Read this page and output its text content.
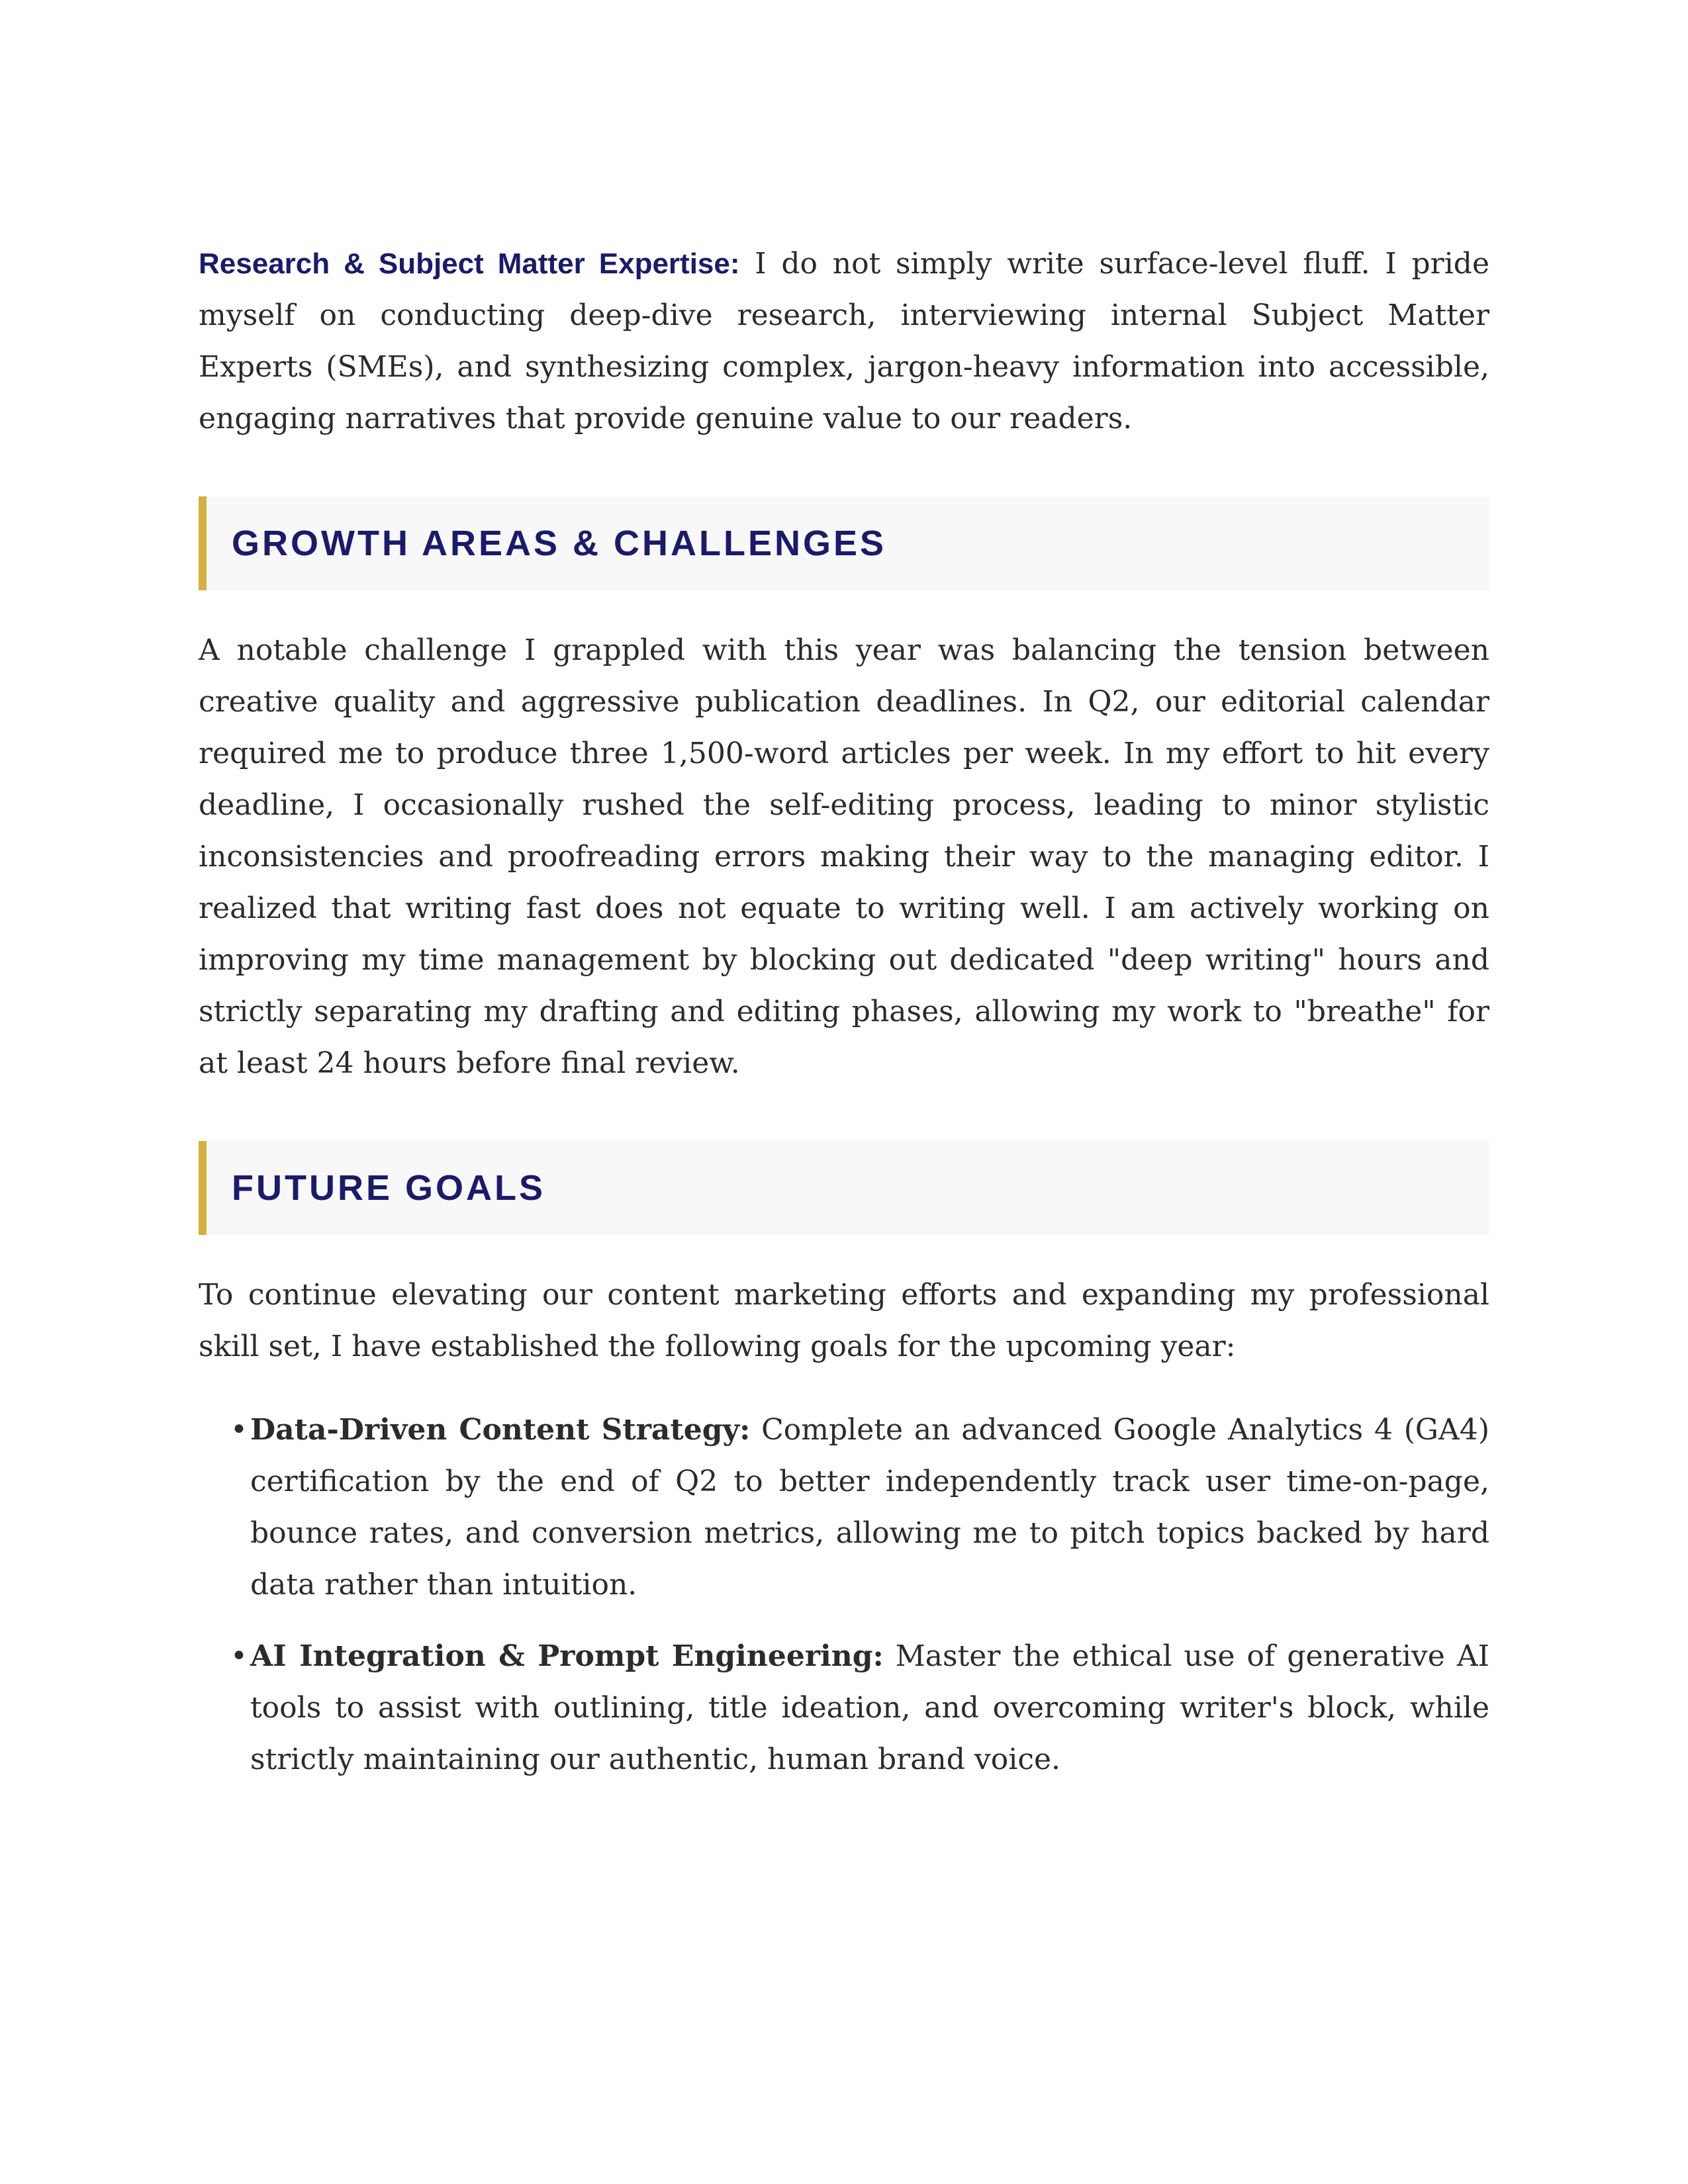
Research & Subject Matter Expertise: I do not simply write surface-level fluff. I pride myself on conducting deep-dive research, interviewing internal Subject Matter Experts (SMEs), and synthesizing complex, jargon-heavy information into accessible, engaging narratives that provide genuine value to our readers.

GROWTH AREAS & CHALLENGES

A notable challenge I grappled with this year was balancing the tension between creative quality and aggressive publication deadlines. In Q2, our editorial calendar required me to produce three 1,500-word articles per week. In my effort to hit every deadline, I occasionally rushed the self-editing process, leading to minor stylistic inconsistencies and proofreading errors making their way to the managing editor. I realized that writing fast does not equate to writing well. I am actively working on improving my time management by blocking out dedicated "deep writing" hours and strictly separating my drafting and editing phases, allowing my work to "breathe" for at least 24 hours before final review.

FUTURE GOALS

To continue elevating our content marketing efforts and expanding my professional skill set, I have established the following goals for the upcoming year:

• Data-Driven Content Strategy: Complete an advanced Google Analytics 4 (GA4) certification by the end of Q2 to better independently track user time-on-page, bounce rates, and conversion metrics, allowing me to pitch topics backed by hard data rather than intuition.
• AI Integration & Prompt Engineering: Master the ethical use of generative AI tools to assist with outlining, title ideation, and overcoming writer's block, while strictly maintaining our authentic, human brand voice.
